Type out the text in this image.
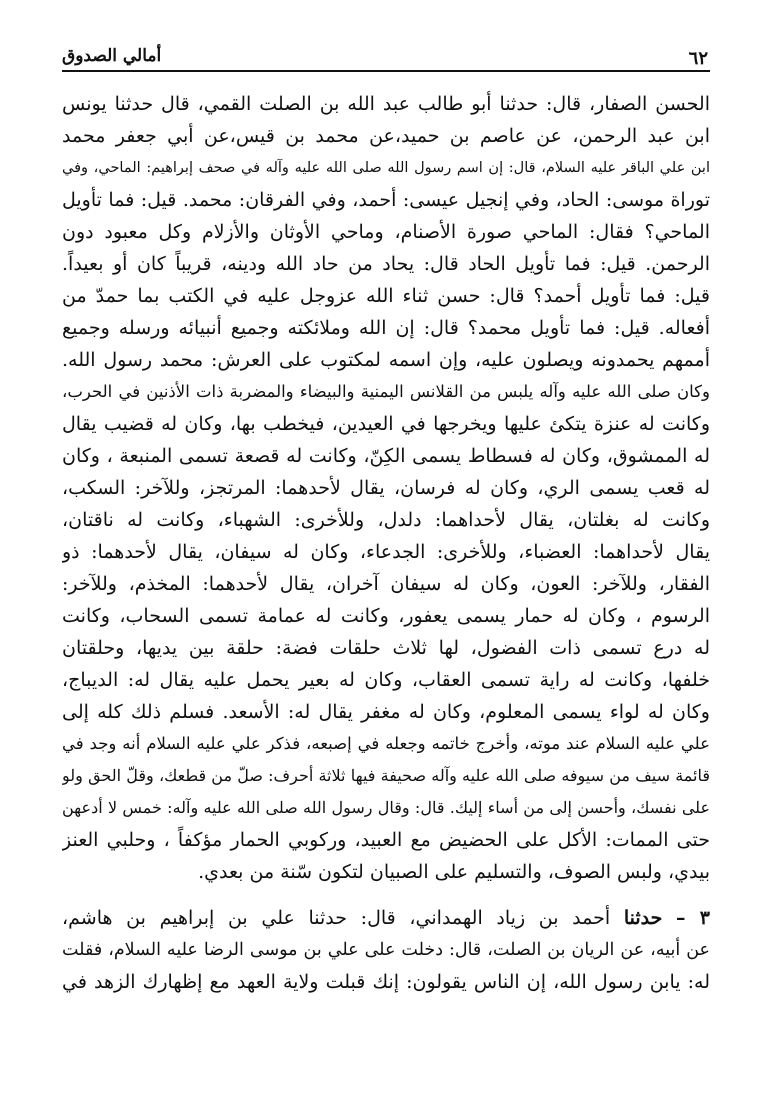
أمالي الصدوق	٦٢
الحسن الصفار، قال: حدثنا أبو طالب عبد الله بن الصلت القمي، قال حدثنا يونس
ابن عبد الرحمن، عن عاصم بن حميد،عن محمد بن قيس،عن أبي جعفر محمد
ابن علي الباقر عليه السلام، قال: إن اسم رسول الله صلى الله عليه وآله في صحف إبراهيم: الماحي، وفي
توراة موسى: الحاد، وفي إنجيل عيسى: أحمد، وفي الفرقان: محمد. قيل: فما تأويل
الماحي؟ فقال: الماحي صورة الأصنام، وماحي الأوثان والأزلام وكل معبود دون
الرحمن. قيل: فما تأويل الحاد قال: يحاد من حاد الله ودينه، قريباً كان أو بعيداً.
قيل: فما تأويل أحمد؟ قال: حسن ثناء الله عزوجل عليه في الكتب بما حمدّ من
أفعاله. قيل: فما تأويل محمد؟ قال: إن الله وملائكته وجميع أنبيائه ورسله وجميع
أممهم يحمدونه ويصلون عليه، وإن اسمه لمكتوب على العرش: محمد رسول الله.
وكان صلى الله عليه وآله يلبس من القلانس اليمنية والبيضاء والمضربة ذات الأذنين في الحرب،
وكانت له عنزة يتكئ عليها ويخرجها في العيدين، فيخطب بها، وكان له قضيب يقال
له الممشوق، وكان له فسطاط يسمى الكِنّ، وكانت له قصعة تسمى المنبعة ، وكان
له قعب يسمى الري، وكان له فرسان، يقال لأحدهما: المرتجز، وللآخر: السكب،
وكانت له بغلتان، يقال لأحداهما: دلدل، وللأخرى: الشهباء، وكانت له ناقتان،
يقال لأحداهما: العضباء، وللأخرى: الجدعاء، وكان له سيفان، يقال لأحدهما: ذو
الفقار، وللآخر: العون، وكان له سيفان آخران، يقال لأحدهما: المخذم، وللآخر:
الرسوم ، وكان له حمار يسمى يعفور، وكانت له عمامة تسمى السحاب، وكانت
له درع تسمى ذات الفضول، لها ثلاث حلقات فضة: حلقة بين يديها، وحلقتان
خلفها، وكانت له راية تسمى العقاب، وكان له بعير يحمل عليه يقال له: الديباج،
وكان له لواء يسمى المعلوم، وكان له مغفر يقال له: الأسعد. فسلم ذلك كله إلى
علي عليه السلام عند موته، وأخرج خاتمه وجعله في إصبعه، فذكر علي عليه السلام أنه وجد في
قائمة سيف من سيوفه صلى الله عليه وآله صحيفة فيها ثلاثة أحرف: صلّ من قطعك، وقلّ الحق ولو
على نفسك، وأحسن إلى من أساء إليك. قال: وقال رسول الله صلى الله عليه وآله: خمس لا أدعهن
حتى الممات: الأكل على الحضيض مع العبيد، وركوبي الحمار مؤكفاً ، وحلبي العنز
بيدي، ولبس الصوف، والتسليم على الصبيان لتكون سّنة من بعدي.
٣ – حدثنا أحمد بن زياد الهمداني، قال: حدثنا علي بن إبراهيم بن هاشم،
عن أبيه، عن الريان بن الصلت، قال: دخلت على علي بن موسى الرضا عليه السلام، فقلت
له: يابن رسول الله، إن الناس يقولون: إنك قبلت ولاية العهد مع إظهارك الزهد في
